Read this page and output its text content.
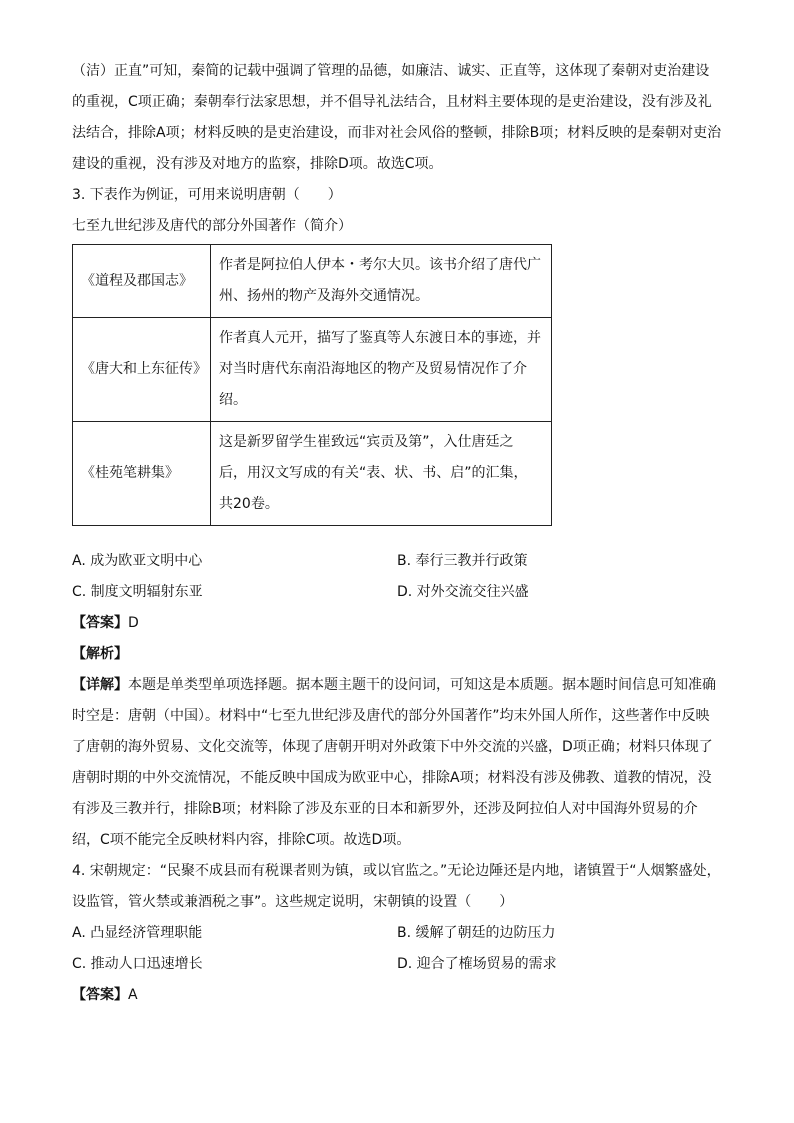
（洁）正直”可知，秦简的记载中强调了管理的品德，如廉洁、诚实、正直等，这体现了秦朝对吏治建设的重视，C项正确；秦朝奉行法家思想，并不倡导礼法结合，且材料主要体现的是吏治建设，没有涉及礼法结合，排除A项；材料反映的是吏治建设，而非对社会风俗的整顿，排除B项；材料反映的是秦朝对吏治建设的重视，没有涉及对地方的监察，排除D项。故选C项。

3. 下表作为例证，可用来说明唐朝（　　）

七至九世纪涉及唐代的部分外国著作（简介）

《道程及郡国志》	作者是阿拉伯人伊本・考尔大贝。该书介绍了唐代广州、扬州的物产及海外交通情况。
《唐大和上东征传》	作者真人元开，描写了鉴真等人东渡日本的事迹，并对当时唐代东南沿海地区的物产及贸易情况作了介绍。
《桂苑笔耕集》	这是新罗留学生崔致远“宾贡及第”，入仕唐廷之后，用汉文写成的有关“表、状、书、启”的汇集，共20卷。
A. 成为欧亚文明中心	B. 奉行三教并行政策
C. 制度文明辐射东亚	D. 对外交流交往兴盛

【答案】D

【解析】

【详解】本题是单类型单项选择题。据本题主题干的设问词，可知这是本质题。据本题时间信息可知准确时空是：唐朝（中国）。材料中“七至九世纪涉及唐代的部分外国著作”均末外国人所作，这些著作中反映了唐朝的海外贸易、文化交流等，体现了唐朝开明对外政策下中外交流的兴盛，D项正确；材料只体现了唐朝时期的中外交流情况，不能反映中国成为欧亚中心，排除A项；材料没有涉及佛教、道教的情况，没有涉及三教并行，排除B项；材料除了涉及东亚的日本和新罗外，还涉及阿拉伯人对中国海外贸易的介绍，C项不能完全反映材料内容，排除C项。故选D项。

4. 宋朝规定：“民聚不成县而有税课者则为镇，或以官监之。”无论边陲还是内地，诸镇置于“人烟繁盛处，设监管，管火禁或兼酒税之事”。这些规定说明，宋朝镇的设置（　　）

A. 凸显经济管理职能	B. 缓解了朝廷的边防压力
C. 推动人口迅速增长	D. 迎合了榷场贸易的需求

【答案】A
